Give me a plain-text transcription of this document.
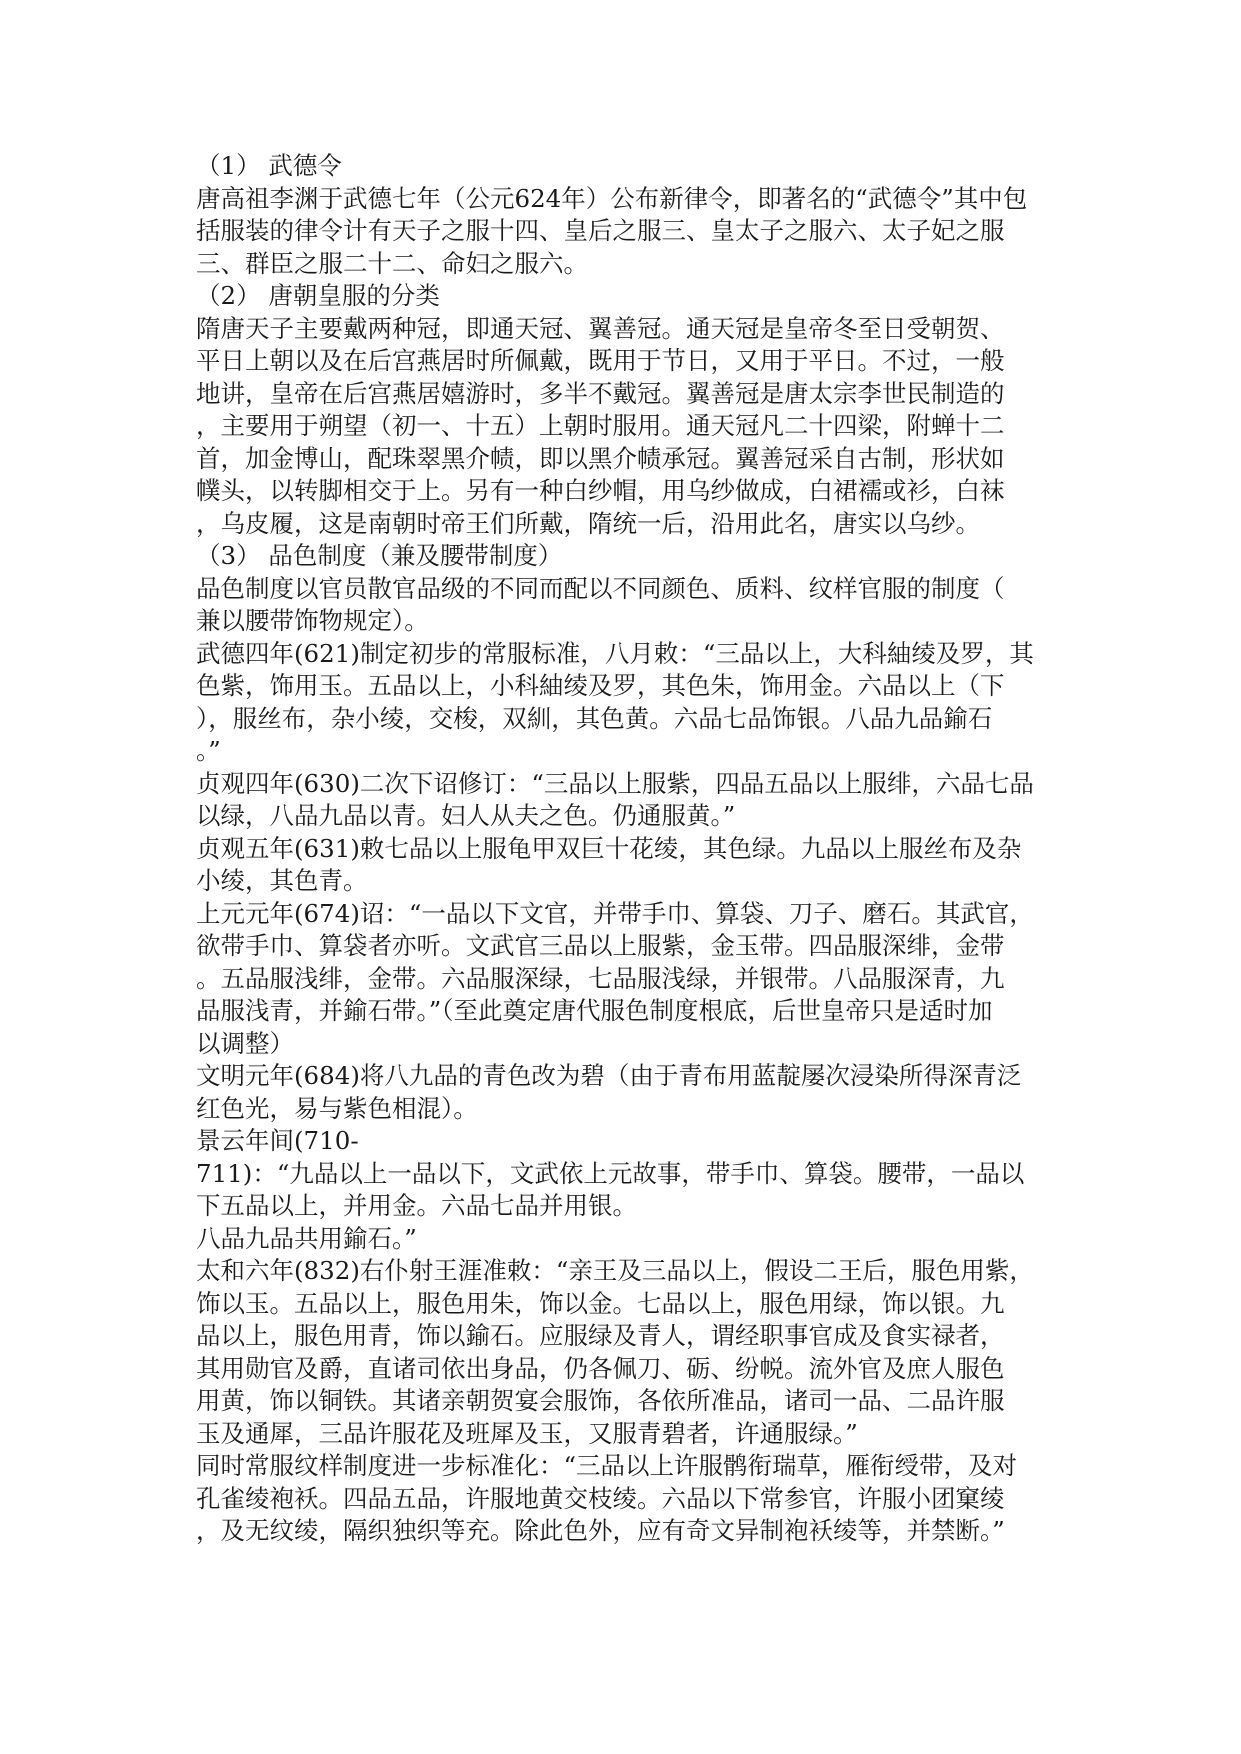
（1） 武德令
唐高祖李渊于武德七年（公元624年）公布新律令，即著名的“武德令”其中包
括服装的律令计有天子之服十四、皇后之服三、皇太子之服六、太子妃之服
三、群臣之服二十二、命妇之服六。
（2） 唐朝皇服的分类
隋唐天子主要戴两种冠，即通天冠、翼善冠。通天冠是皇帝冬至日受朝贺、
平日上朝以及在后宫燕居时所佩戴，既用于节日，又用于平日。不过，一般
地讲，皇帝在后宫燕居嬉游时，多半不戴冠。翼善冠是唐太宗李世民制造的
，主要用于朔望（初一、十五）上朝时服用。通天冠凡二十四梁，附蝉十二
首，加金博山，配珠翠黑介帻，即以黑介帻承冠。翼善冠采自古制，形状如
幞头，以转脚相交于上。另有一种白纱帽，用乌纱做成，白裙襦或衫，白袜
，乌皮履，这是南朝时帝王们所戴，隋统一后，沿用此名，唐实以乌纱。
（3） 品色制度（兼及腰带制度）
品色制度以官员散官品级的不同而配以不同颜色、质料、纹样官服的制度（
兼以腰带饰物规定）。
武德四年(621)制定初步的常服标准，八月敕：“三品以上，大科紬绫及罗，其
色紫，饰用玉。五品以上，小科紬绫及罗，其色朱，饰用金。六品以上（下
），服丝布，杂小绫，交梭，双紃，其色黄。六品七品饰银。八品九品鍮石
。”
贞观四年(630)二次下诏修订：“三品以上服紫，四品五品以上服绯，六品七品
以绿，八品九品以青。妇人从夫之色。仍通服黄。”
贞观五年(631)敕七品以上服龟甲双巨十花绫，其色绿。九品以上服丝布及杂
小绫，其色青。
上元元年(674)诏：“一品以下文官，并带手巾、算袋、刀子、磨石。其武官，
欲带手巾、算袋者亦听。文武官三品以上服紫，金玉带。四品服深绯，金带
。五品服浅绯，金带。六品服深绿，七品服浅绿，并银带。八品服深青，九
品服浅青，并鍮石带。”（至此奠定唐代服色制度根底，后世皇帝只是适时加
以调整）
文明元年(684)将八九品的青色改为碧（由于青布用蓝靛屡次浸染所得深青泛
红色光，易与紫色相混）。
景云年间(710-
711)：“九品以上一品以下，文武依上元故事，带手巾、算袋。腰带，一品以
下五品以上，并用金。六品七品并用银。
八品九品共用鍮石。”
太和六年(832)右仆射王涯准敕：“亲王及三品以上，假设二王后，服色用紫，
饰以玉。五品以上，服色用朱，饰以金。七品以上，服色用绿，饰以银。九
品以上，服色用青，饰以鍮石。应服绿及青人，谓经职事官成及食实禄者，
其用勋官及爵，直诸司依出身品，仍各佩刀、砺、纷帨。流外官及庶人服色
用黄，饰以铜铁。其诸亲朝贺宴会服饰，各依所准品，诸司一品、二品许服
玉及通犀，三品许服花及班犀及玉，又服青碧者，许通服绿。”
同时常服纹样制度进一步标准化：“三品以上许服鹘衔瑞草，雁衔绶带，及对
孔雀绫袍袄。四品五品，许服地黄交枝绫。六品以下常参官，许服小团窠绫
，及无纹绫，隔织独织等充。除此色外，应有奇文异制袍袄绫等，并禁断。”
